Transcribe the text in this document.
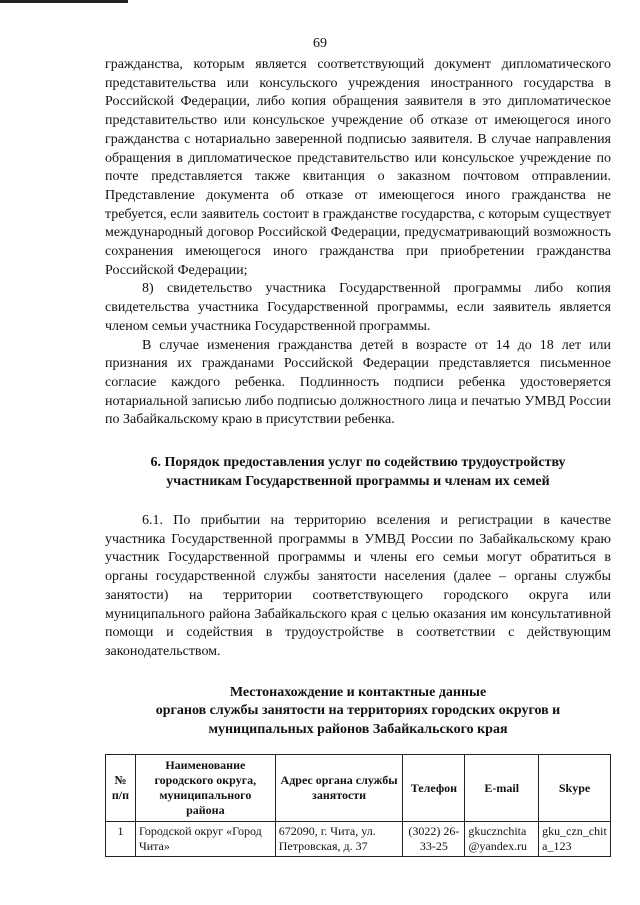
69

гражданства, которым является соответствующий документ дипломатического представительства или консульского учреждения иностранного государства в Российской Федерации, либо копия обращения заявителя в это дипломатическое представительство или консульское учреждение об отказе от имеющегося иного гражданства с нотариально заверенной подписью заявителя. В случае направления обращения в дипломатическое представительство или консульское учреждение по почте представляется также квитанция о заказном почтовом отправлении. Представление документа об отказе от имеющегося иного гражданства не требуется, если заявитель состоит в гражданстве государства, с которым существует международный договор Российской Федерации, предусматривающий возможность сохранения имеющегося иного гражданства при приобретении гражданства Российской Федерации;

8) свидетельство участника Государственной программы либо копия свидетельства участника Государственной программы, если заявитель является членом семьи участника Государственной программы.

В случае изменения гражданства детей в возрасте от 14 до 18 лет или признания их гражданами Российской Федерации представляется письменное согласие каждого ребенка. Подлинность подписи ребенка удостоверяется нотариальной записью либо подписью должностного лица и печатью УМВД России по Забайкальскому краю в присутствии ребенка.

6. Порядок предоставления услуг по содействию трудоустройству
участникам Государственной программы и членам их семей

6.1. По прибытии на территорию вселения и регистрации в качестве участника Государственной программы в УМВД России по Забайкальскому краю участник Государственной программы и члены его семьи могут обратиться в органы государственной службы занятости населения (далее – органы службы занятости) на территории соответствующего городского округа или муниципального района Забайкальского края с целью оказания им консультативной помощи и содействия в трудоустройстве в соответствии с действующим законодательством.

Местонахождение и контактные данные
органов службы занятости на территориях городских округов и
муниципальных районов Забайкальского края
№ п/п	Наименование городского округа, муниципального района	Адрес органа службы занятости	Телефон	E-mail	Skype
1	Городской округ «Город Чита»	672090, г. Чита, ул. Петровская, д. 37	(3022) 26-33-25	gkucznchita@yandex.ru	gku_czn_chita_123
